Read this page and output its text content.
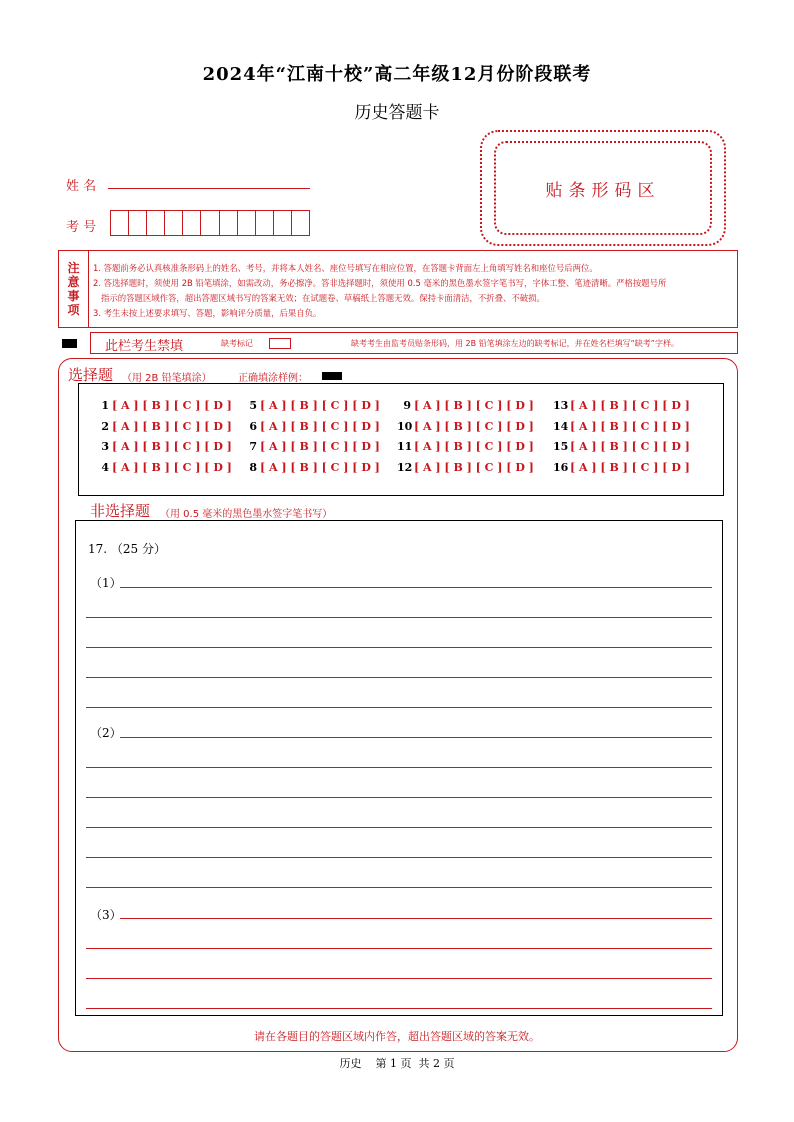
2024年“江南十校”高二年级12月份阶段联考
历史答题卡
姓 名
考 号
贴条形码区
注
意
事
项
1. 答题前务必认真核准条形码上的姓名、考号，并将本人姓名、座位号填写在相应位置，在答题卡背面左上角填写姓名和座位号后两位。
2. 答选择题时，须使用 2B 铅笔填涂，如需改动，务必擦净。答非选择题时，须使用 0.5 毫米的黑色墨水签字笔书写，字体工整、笔迹清晰。严格按题号所
指示的答题区域作答，超出答题区域书写的答案无效；在试题卷、草稿纸上答题无效。保持卡面清洁，不折叠、不破损。
3. 考生未按上述要求填写、答题，影响评分质量，后果自负。
此栏考生禁填	缺考标记	缺考考生由监考员贴条形码，用 2B 铅笔填涂左边的缺考标记，并在姓名栏填写“缺考”字样。
选择题 （用 2B 铅笔填涂）	正确填涂样例：
1 [ A ] [ B ] [ C ] [ D ]
2 [ A ] [ B ] [ C ] [ D ]
3 [ A ] [ B ] [ C ] [ D ]
4 [ A ] [ B ] [ C ] [ D ]
5 [ A ] [ B ] [ C ] [ D ]
6 [ A ] [ B ] [ C ] [ D ]
7 [ A ] [ B ] [ C ] [ D ]
8 [ A ] [ B ] [ C ] [ D ]
9 [ A ] [ B ] [ C ] [ D ]
10 [ A ] [ B ] [ C ] [ D ]
11 [ A ] [ B ] [ C ] [ D ]
12 [ A ] [ B ] [ C ] [ D ]
13 [ A ] [ B ] [ C ] [ D ]
14 [ A ] [ B ] [ C ] [ D ]
15 [ A ] [ B ] [ C ] [ D ]
16 [ A ] [ B ] [ C ] [ D ]
非选择题 （用 0.5 毫米的黑色墨水签字笔书写）
17. （25 分）
（1）
（2）
（3）
请在各题目的答题区域内作答，超出答题区域的答案无效。
历史    第 1 页  共 2 页
